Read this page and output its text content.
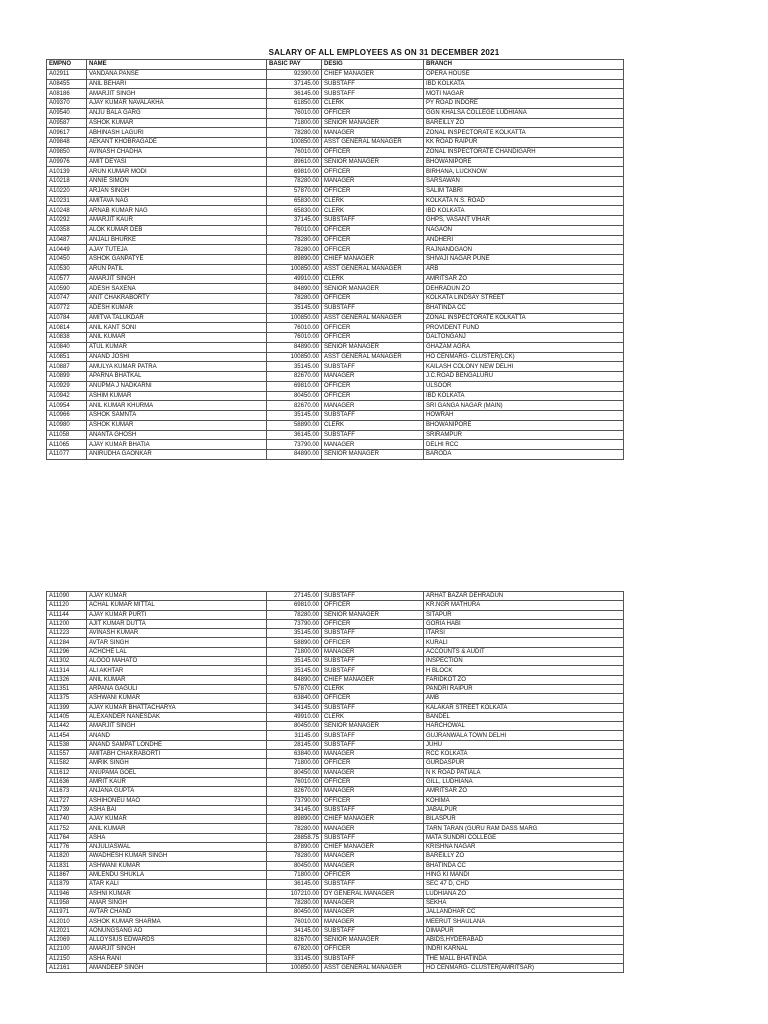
SALARY OF ALL EMPLOYEES AS ON 31 DECEMBER 2021
EMPNO	NAME	BASIC PAY	DESIG	BRANCH
A02911	VANDANA PANSE	92390.00	CHIEF MANAGER	OPERA HOUSE
A08455	ANIL BEHARI	37145.00	SUBSTAFF	IBD KOLKATA
A08186	AMARJIT SINGH	36145.00	SUBSTAFF	MOTI NAGAR
A09370	AJAY KUMAR NAVALAKHA	61850.00	CLERK	PY ROAD INDORE
A09540	ANJU BALA GARG	76010.00	OFFICER	GGN KHALSA COLLEGE LUDHIANA
A09587	ASHOK KUMAR	71800.00	SENIOR MANAGER	BAREILLY ZO
A09617	ABHINASH LAGURI	78280.00	MANAGER	ZONAL INSPECTORATE KOLKATTA
A09848	AEKANT KHOBRAGADE	100850.00	ASST GENERAL MANAGER	KK ROAD RAIPUR
A09850	AVINASH CHADHA	76010.00	OFFICER	ZONAL INSPECTORATE CHANDIGARH
A09976	AMIT DEYASI	89610.00	SENIOR MANAGER	BHOWANIPORE
A10139	ARUN KUMAR MODI	69810.00	OFFICER	BIRHANA, LUCKNOW
A10218	ANNIE SIMON	78280.00	MANAGER	SARSAWAN
A10220	ARJAN SINGH	57870.00	OFFICER	SALIM TABRI
A10231	AMITAVA NAG	65830.00	CLERK	KOLKATA N.S. ROAD
A10248	ARNAB KUMAR NAG	65830.00	CLERK	IBD KOLKATA
A10292	AMARJIT KAUR	37145.00	SUBSTAFF	GHPS, VASANT VIHAR
A10358	ALOK KUMAR DEB	76010.00	OFFICER	NAGAON
A10487	ANJALI BHURKE	78280.00	OFFICER	ANDHERI
A10449	AJAY TUTEJA	78280.00	OFFICER	RAJNANDGAON
A10450	ASHOK GANPATYE	89890.00	CHIEF MANAGER	SHIVAJI NAGAR PUNE
A10530	ARUN PATIL	100850.00	ASST GENERAL MANAGER	ARB
A10577	AMARJIT SINGH	49910.00	CLERK	AMRITSAR ZO
A10590	ADESH SAXENA	84890.00	SENIOR MANAGER	DEHRADUN ZO
A10747	ANIT CHAKRABORTY	78280.00	OFFICER	KOLKATA LINDSAY STREET
A10772	ADESH KUMAR	35145.00	SUBSTAFF	BHATINDA CC
A10784	AMITVA TALUKDAR	100850.00	ASST GENERAL MANAGER	ZONAL INSPECTORATE KOLKATTA
A10814	ANIL KANT SONI	76010.00	OFFICER	PROVIDENT FUND
A10838	ANIL KUMAR	76010.00	OFFICER	DALTONGANJ
A10840	ATUL KUMAR	84890.00	SENIOR MANAGER	GHAZAM AGRA
A10851	ANAND JOSHI	100850.00	ASST GENERAL MANAGER	HO CENMARG- CLUSTER(LCK)
A10887	AMULYA KUMAR PATRA	35145.00	SUBSTAFF	KAILASH COLONY NEW DELHI
A10899	APARNA BHATKAL	82670.00	MANAGER	J.C.ROAD BENGALURU
A10929	ANUPMA J NADKARNI	69810.00	OFFICER	ULSOOR
A10942	ASHIM KUMAR	80450.00	OFFICER	IBD KOLKATA
A10954	ANIL KUMAR KHURMA	82670.00	MANAGER	SRI GANGA NAGAR (MAIN)
A10966	ASHOK SAMNTA	35145.00	SUBSTAFF	HOWRAH
A10980	ASHOK KUMAR	58890.00	CLERK	BHOWANIPORE
A11058	ANANTA GHOSH	36145.00	SUBSTAFF	SRIRAMPUR
A11065	AJAY KUMAR BHATIA	73790.00	MANAGER	DELHI RCC
A11077	ANIRUDHA GAONKAR	84890.00	SENIOR MANAGER	BARODA
A11090	AJAY KUMAR	27145.00	SUBSTAFF	ARHAT BAZAR DEHRADUN
A11120	ACHAL KUMAR MITTAL	69810.00	OFFICER	KR.NGR MATHURA
A11144	AJAY KUMAR PURTI	78280.00	SENIOR MANAGER	SITAPUR
A11200	AJIT KUMAR DUTTA	73790.00	OFFICER	GORIA HABI
A11223	AVINASH KUMAR	35145.00	SUBSTAFF	ITARSI
A11284	AVTAR SINGH	58890.00	OFFICER	KURALI
A11296	ACHCHE LAL	71800.00	MANAGER	ACCOUNTS & AUDIT
A11302	ALOOO MAHATO	35145.00	SUBSTAFF	INSPECTION
A11314	ALI AKHTAR	35145.00	SUBSTAFF	H BLOCK
A11326	ANIL KUMAR	84890.00	CHIEF MANAGER	FARIDKOT ZO
A11351	ARPANA GAGULI	57870.00	CLERK	PANDRI RAIPUR
A11375	ASHWANI KUMAR	63840.00	OFFICER	AMB
A11399	AJAY KUMAR BHATTACHARYA	34145.00	SUBSTAFF	KALAKAR STREET KOLKATA
A11405	ALEXANDER NANESDAK	49910.00	CLERK	BANDEL
A11442	AMARJIT SINGH	80450.00	SENIOR MANAGER	HARCHOWAL
A11454	ANAND	31145.00	SUBSTAFF	GUJRANWALA TOWN DELHI
A11538	ANAND SAMPAT LONDHE	28145.00	SUBSTAFF	JUHU
A11557	AMITABH CHAKRABORTI	63840.00	MANAGER	RCC KOLKATA
A11582	AMRIK SINGH	71800.00	OFFICER	GURDASPUR
A11612	ANUPAMA GOEL	80450.00	MANAGER	N K ROAD PATIALA
A11636	AMRIT KAUR	76010.00	OFFICER	GILL, LUDHIANA
A11673	ANJANA GUPTA	82670.00	MANAGER	AMRITSAR ZO
A11727	ASHIHONEU MAO	73790.00	OFFICER	KOHIMA
A11739	ASHA BAI	34145.00	SUBSTAFF	JABALPUR
A11740	AJAY KUMAR	89890.00	CHIEF MANAGER	BILASPUR
A11752	ANIL KUMAR	78280.00	MANAGER	TARN TARAN (GURU RAM DASS MARG
A11764	ASHA	28858.75	SUBSTAFF	MATA SUNDRI COLLEGE
A11776	ANJULIASWAL	87890.00	CHIEF MANAGER	KRISHNA NAGAR
A11820	AWADHESH KUMAR SINGH	78280.00	MANAGER	BAREILLY ZO
A11831	ASHWANI KUMAR	80450.00	MANAGER	BHATINDA CC
A11867	AMLENDU SHUKLA	71800.00	OFFICER	HING KI MANDI
A11879	ATAR KALI	36145.00	SUBSTAFF	SEC 47 D, CHD
A11946	ASHNI KUMAR	107210.00	DY GENERAL MANAGER	LUDHIANA ZO
A11958	AMAR SINGH	78280.00	MANAGER	SEKHA
A11971	AVTAR CHAND	80450.00	MANAGER	JALLANDHAR CC
A12010	ASHOK KUMAR SHARMA	76010.00	MANAGER	MEERUT SHAULANA
A12021	AONUNGSANG AO	34145.00	SUBSTAFF	DIMAPUR
A12069	ALLOYSIUS EDWARDS	82670.00	SENIOR MANAGER	ABIDS,HYDERABAD
A12100	AMARJIT SINGH	67820.00	OFFICER	INDRI KARNAL
A12150	ASHA RANI	33145.00	SUBSTAFF	THE MALL BHATINDA
A12161	AMANDEEP SINGH	100850.00	ASST GENERAL MANAGER	HO CENMARG- CLUSTER(AMRITSAR)
